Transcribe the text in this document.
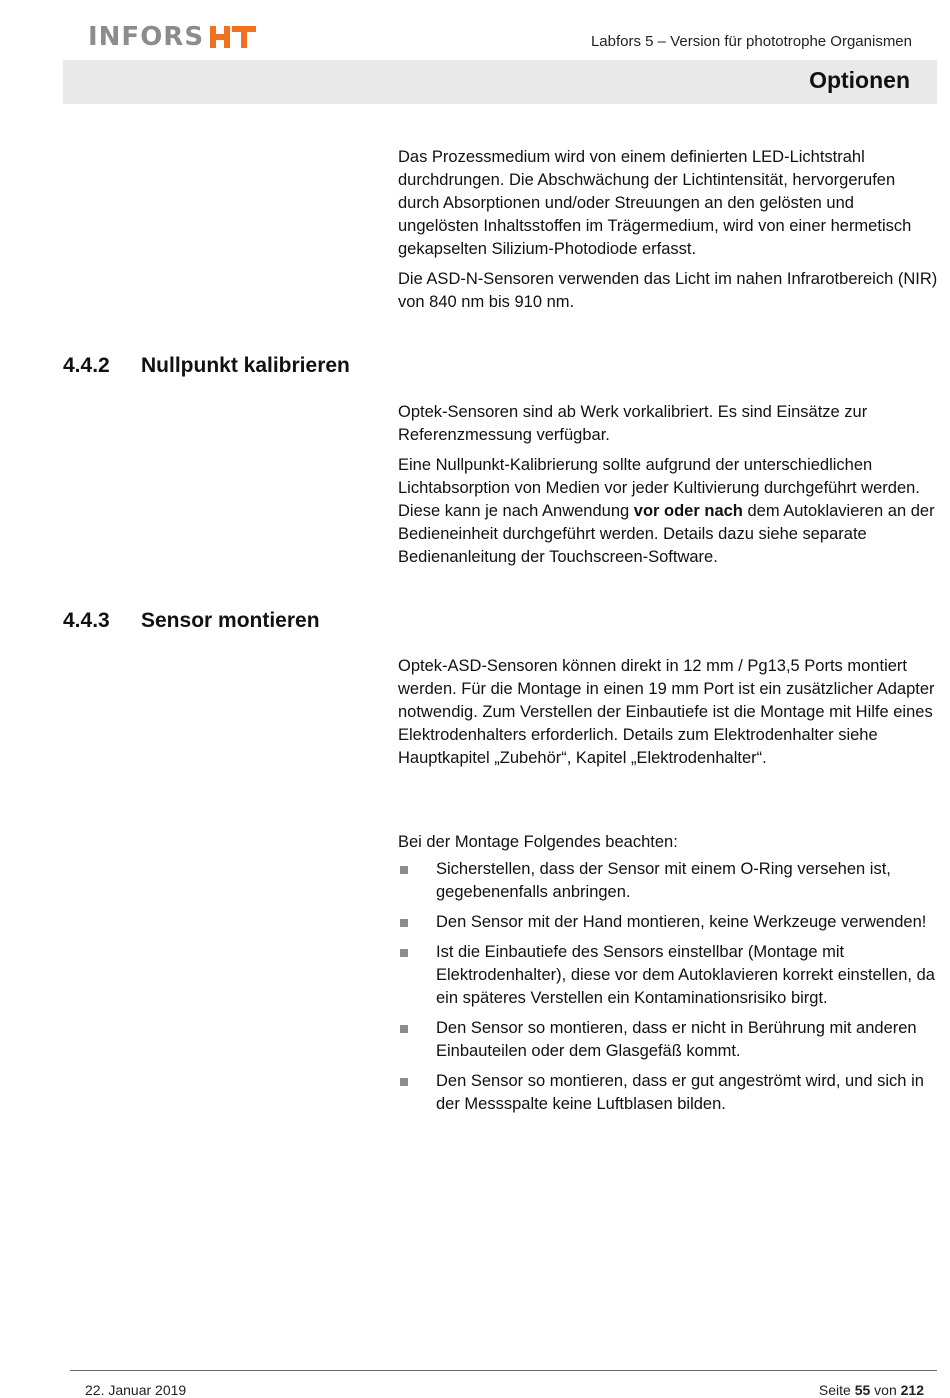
INFORS	Labfors 5 – Version für phototrophe Organismen
Optionen

Das Prozessmedium wird von einem definierten LED-Lichtstrahl durchdrungen. Die Abschwächung der Lichtintensität, hervorgerufen durch Absorptionen und/oder Streuungen an den gelösten und ungelösten Inhaltsstoffen im Trägermedium, wird von einer hermetisch gekapselten Silizium-Photodiode erfasst.

Die ASD-N-Sensoren verwenden das Licht im nahen Infrarotbereich (NIR) von 840 nm bis 910 nm.

4.4.2 Nullpunkt kalibrieren

Optek-Sensoren sind ab Werk vorkalibriert. Es sind Einsätze zur Referenzmessung verfügbar.

Eine Nullpunkt-Kalibrierung sollte aufgrund der unterschiedlichen Lichtabsorption von Medien vor jeder Kultivierung durchgeführt werden. Diese kann je nach Anwendung vor oder nach dem Autoklavieren an der Bedieneinheit durchgeführt werden. Details dazu siehe separate Bedienanleitung der Touchscreen-Software.

4.4.3 Sensor montieren

Optek-ASD-Sensoren können direkt in 12 mm / Pg13,5 Ports montiert werden. Für die Montage in einen 19 mm Port ist ein zusätzlicher Adapter notwendig. Zum Verstellen der Einbautiefe ist die Montage mit Hilfe eines Elektrodenhalters erforderlich. Details zum Elektrodenhalter siehe Hauptkapitel „Zubehör“, Kapitel „Elektrodenhalter“.

Bei der Montage Folgendes beachten:

Sicherstellen, dass der Sensor mit einem O-Ring versehen ist, gegebenenfalls anbringen.
Den Sensor mit der Hand montieren, keine Werkzeuge verwenden!
Ist die Einbautiefe des Sensors einstellbar (Montage mit Elektrodenhalter), diese vor dem Autoklavieren korrekt einstellen, da ein späteres Verstellen ein Kontaminationsrisiko birgt.
Den Sensor so montieren, dass er nicht in Berührung mit anderen Einbauteilen oder dem Glasgefäß kommt.
Den Sensor so montieren, dass er gut angeströmt wird, und sich in der Messspalte keine Luftblasen bilden.
22. Januar 2019	Seite 55 von 212
